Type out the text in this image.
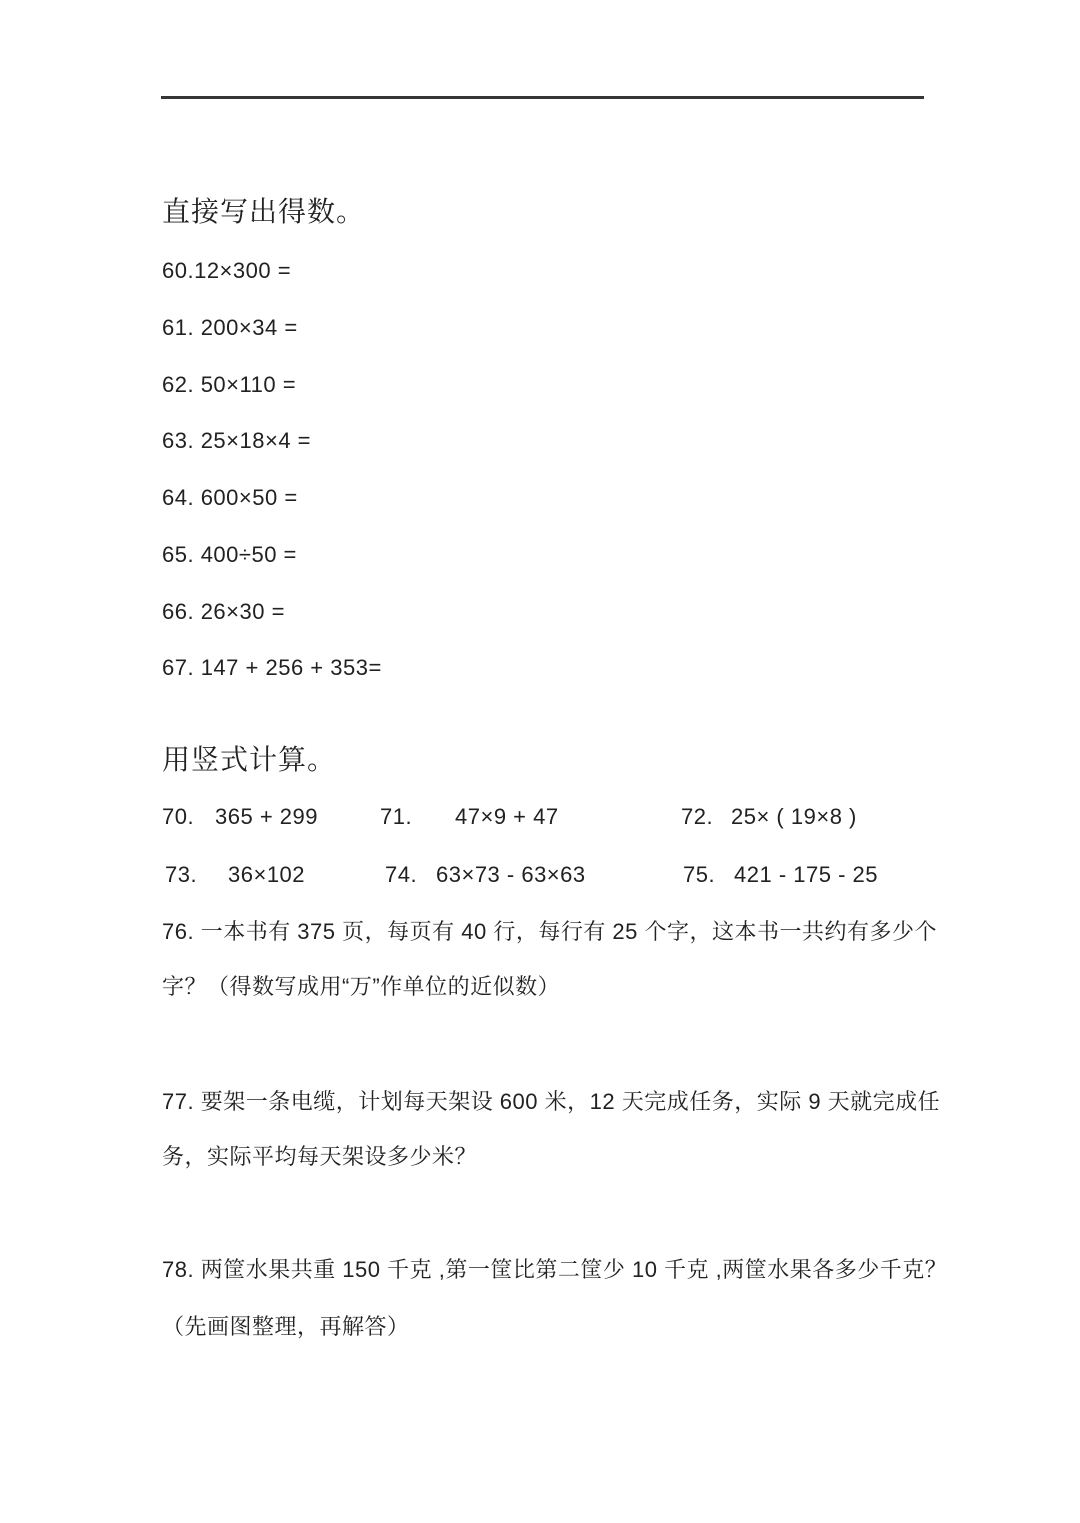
直接写出得数。
60.12×300 =
61. 200×34 =
62. 50×110 =
63. 25×18×4 =
64. 600×50 =
65. 400÷50 =
66. 26×30 =
67. 147 + 256 + 353=
用竖式计算。
70. 365 + 299	71. 47×9 + 47	72. 25× ( 19×8 )
73. 36×102	74. 63×73 - 63×63	75. 421 - 175 - 25
76. 一本书有 375 页，每页有 40 行，每行有 25 个字，这本书一共约有多少个
字？（得数写成用“万”作单位的近似数）
77. 要架一条电缆，计划每天架设 600 米，12 天完成任务，实际 9 天就完成任
务，实际平均每天架设多少米？
78. 两筐水果共重 150 千克 ,第一筐比第二筐少 10 千克 ,两筐水果各多少千克？
（先画图整理，再解答）
